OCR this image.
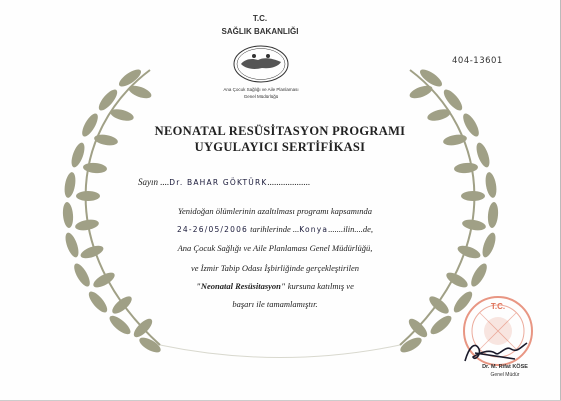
T.C.
SAĞLIK BAKANLIĞI
Ana Çocuk Sağlığı ve Aile Planlaması
Genel Müdürlüğü
404-13601
NEONATAL RESÜSİTASYON PROGRAMI
UYGULAYICI SERTİFİKASI
Sayın ....Dr. BAHAR GÖKTÜRK...................
Yenidoğan ölümlerinin azaltılması programı kapsamında
24-26/05/2006 tarihlerinde ...Konya.......ilin....de,
Ana Çocuk Sağlığı ve Aile Planlaması Genel Müdürlüğü,
ve İzmir Tabip Odası İşbirliğinde gerçekleştirilen
"Neonatal Resüsitasyon" kursuna katılmış ve
başarı ile tamamlamıştır.	T.C.
Dr. M. Rifat KÖSE
Genel Müdür
